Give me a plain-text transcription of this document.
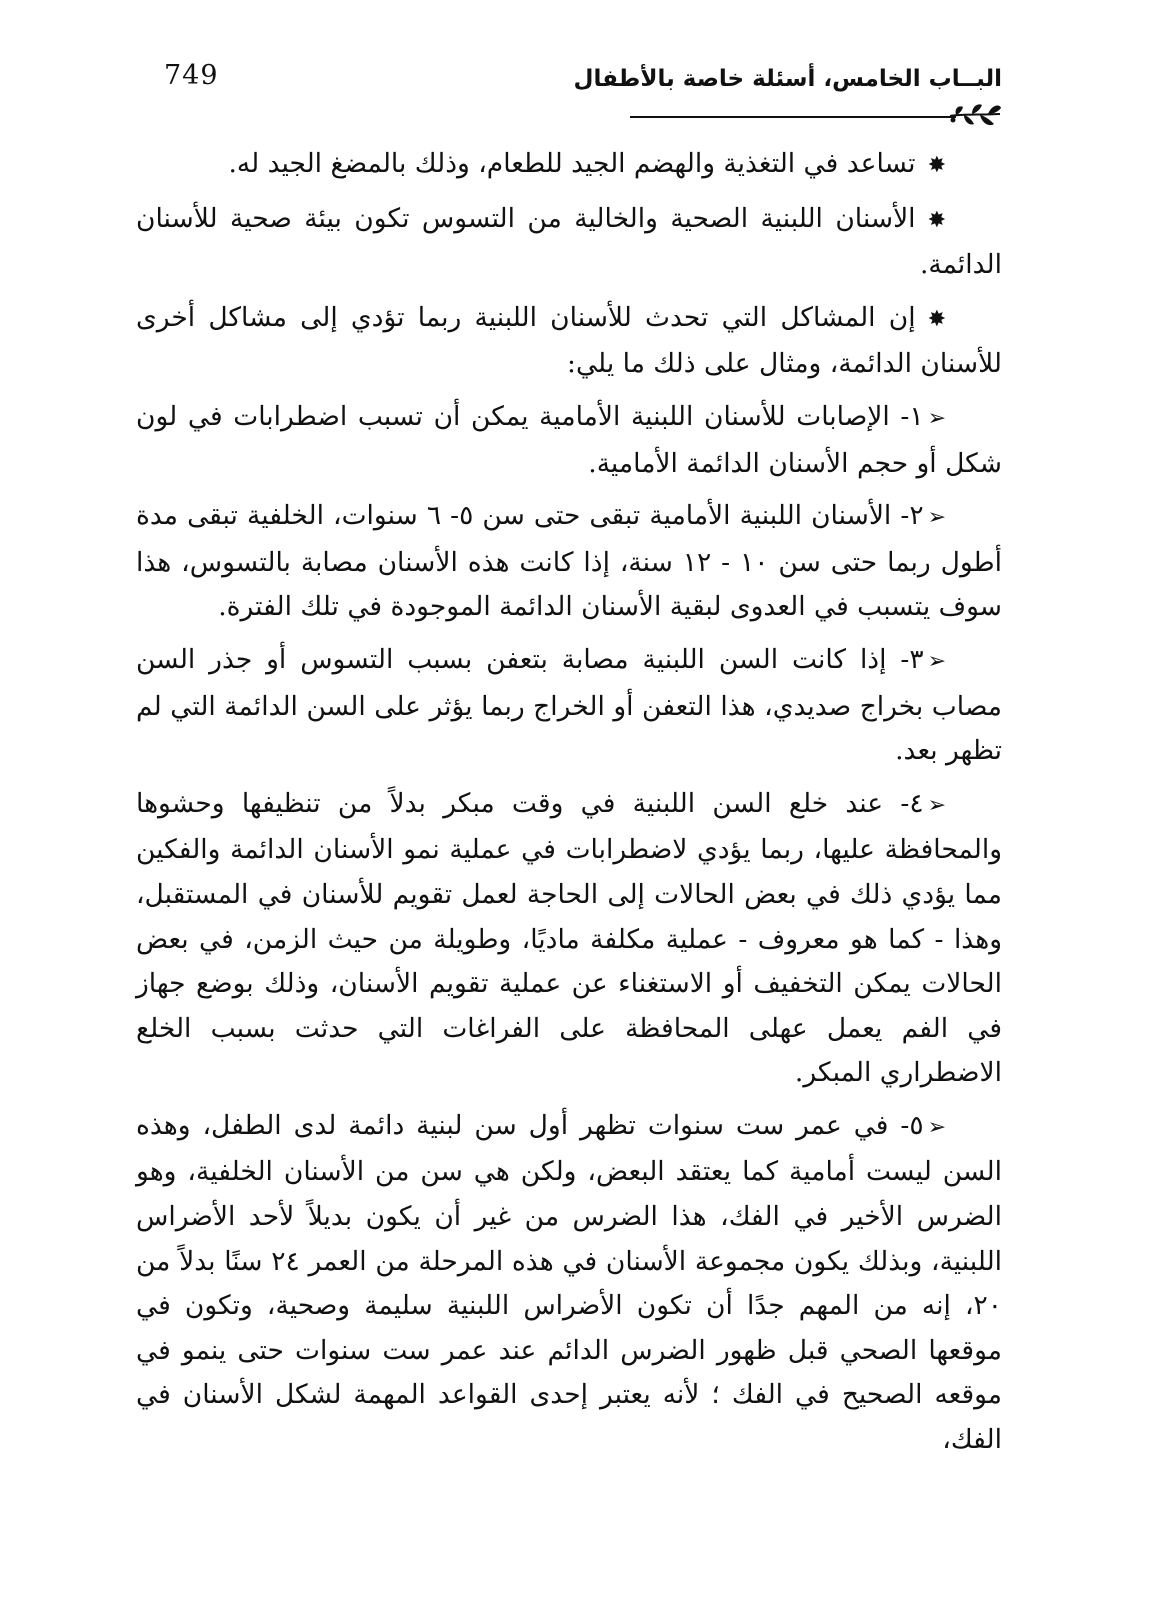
749	البــاب الخامس، أسئلة خاصة بالأطفال

✸تساعد في التغذية والهضم الجيد للطعام، وذلك بالمضغ الجيد له.

✸الأسنان اللبنية الصحية والخالية من التسوس تكون بيئة صحية للأسنان الدائمة.

✸إن المشاكل التي تحدث للأسنان اللبنية ربما تؤدي إلى مشاكل أخرى للأسنان الدائمة، ومثال على ذلك ما يلي:

➢١- الإصابات للأسنان اللبنية الأمامية يمكن أن تسبب اضطرابات في لون شكل أو حجم الأسنان الدائمة الأمامية.

➢٢- الأسنان اللبنية الأمامية تبقى حتى سن ٥- ٦ سنوات، الخلفية تبقى مدة أطول ربما حتى سن ١٠ - ١٢ سنة، إذا كانت هذه الأسنان مصابة بالتسوس، هذا سوف يتسبب في العدوى لبقية الأسنان الدائمة الموجودة في تلك الفترة.

➢٣- إذا كانت السن اللبنية مصابة بتعفن بسبب التسوس أو جذر السن مصاب بخراج صديدي، هذا التعفن أو الخراج ربما يؤثر على السن الدائمة التي لم تظهر بعد.

➢٤- عند خلع السن اللبنية في وقت مبكر بدلاً من تنظيفها وحشوها والمحافظة عليها، ربما يؤدي لاضطرابات في عملية نمو الأسنان الدائمة والفكين مما يؤدي ذلك في بعض الحالات إلى الحاجة لعمل تقويم للأسنان في المستقبل، وهذا - كما هو معروف - عملية مكلفة ماديًا، وطويلة من حيث الزمن، في بعض الحالات يمكن التخفيف أو الاستغناء عن عملية تقويم الأسنان، وذلك بوضع جهاز في الفم يعمل عهلى المحافظة على الفراغات التي حدثت بسبب الخلع الاضطراري المبكر.

➢٥- في عمر ست سنوات تظهر أول سن لبنية دائمة لدى الطفل، وهذه السن ليست أمامية كما يعتقد البعض، ولكن هي سن من الأسنان الخلفية، وهو الضرس الأخير في الفك، هذا الضرس من غير أن يكون بديلاً لأحد الأضراس اللبنية، وبذلك يكون مجموعة الأسنان في هذه المرحلة من العمر ٢٤ سنًا بدلاً من ٢٠، إنه من المهم جدًا أن تكون الأضراس اللبنية سليمة وصحية، وتكون في موقعها الصحي قبل ظهور الضرس الدائم عند عمر ست سنوات حتى ينمو في موقعه الصحيح في الفك ؛ لأنه يعتبر إحدى القواعد المهمة لشكل الأسنان في الفك،
